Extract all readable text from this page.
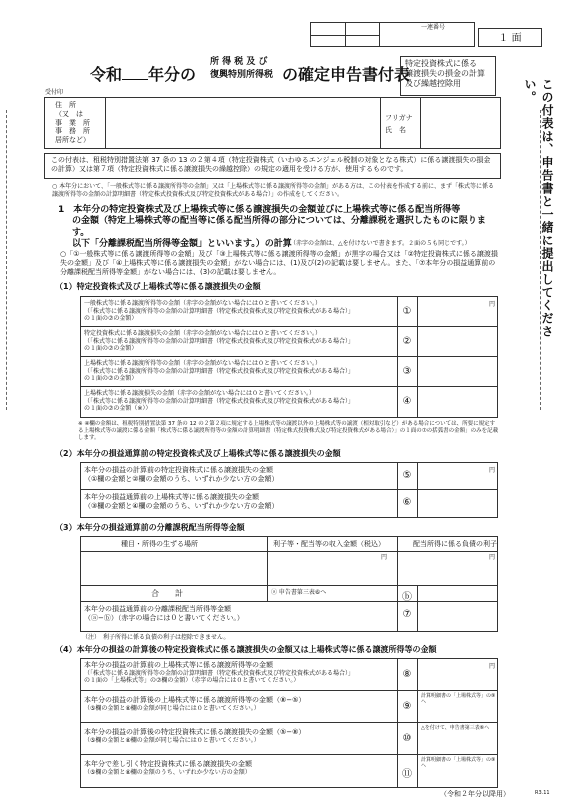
一連番号
１ 面
令和 年分の
所 得 税 及 び
復興特別所得税 の確定申告書付表
特定投資株式に係る
譲渡損失の損金の計算
及び繰越控除用	この付表は、申告書と一緒に提出してください。
受付印
住　所
（又　は
事　業　所
事　務　所
居所など）
フリガナ
氏　名
この付表は、租税特別措置法第 37 条の 13 の２第４項（特定投資株式（いわゆるエンジェル税制の対象となる株式）に係る譲渡損失の損金の計算）又は第７項（特定投資株式に係る譲渡損失の繰越控除）の規定の適用を受ける方が、使用するものです。
○ 本年分において、「一般株式等に係る譲渡所得等の金額」又は「上場株式等に係る譲渡所得等の金額」がある方は、この付表を作成する前に、まず「株式等に係る譲渡所得等の金額の計算明細書（特定株式投資株式及び特定投資株式がある場合）」の作成をしてください。
1　本年分の特定投資株式及び上場株式等に係る譲渡損失の金額並びに上場株式等に係る配当所得等
の金額（特定上場株式等の配当等に係る配当所得の部分については、分離課税を選択したものに限ります。
以下「分離課税配当所得等金額」といいます。）の計算
（赤字の金額は、△を付けないで書きます。２面の５も同じです。）
○「①一般株式等に係る譲渡所得等の金額」及び「③上場株式等に係る譲渡所得等の金額」が黒字の場合又は「②特定投資株式に係る譲渡損失の金額」及び「④上場株式等に係る譲渡損失の金額」がない場合には、(1)及び(2)の記載は要しません。また、「⑦本年分の損益通算前の分離課税配当所得等金額」がない場合には、(3)の記載は要しません。
（1）特定投資株式及び上場株式等に係る譲渡損失の金額
円
一般株式等に係る譲渡所得等の金額（赤字の金額がない場合には０と書いてください。）
（「株式等に係る譲渡所得等の金額の計算明細書（特定株式投資株式及び特定投資株式がある場合）」
の１面の⑦の金額）
①
特定投資株式に係る譲渡損失の金額（赤字の金額がない場合には０と書いてください。）
（「株式等に係る譲渡所得等の金額の計算明細書（特定株式投資株式及び特定投資株式がある場合）」
の１面の⑦の金額）
②
上場株式等に係る譲渡所得等の金額（赤字の金額がない場合には０と書いてください。）
（「株式等に係る譲渡所得等の金額の計算明細書（特定株式投資株式及び特定投資株式がある場合）」
の１面の⑦の金額）
③
上場株式等に係る譲渡損失の金額（赤字の金額がない場合には０と書いてください。）
（「株式等に係る譲渡所得等の金額の計算明細書（特定株式投資株式及び特定投資株式がある場合）」
の１面の⑦の金額（※））
④
※ ④欄の金額は、租税特別措置法第 37 条の 12 の２第２項に規定する上場株式等の譲渡以外の上場株式等の譲渡（相対取引など）がある場合については、所要に規定する上場株式等の譲渡に係る金額「株式等に係る譲渡所得等の金額の計算明細書（特定株式投資株式及び特定投資株式がある場合）」の１面の⑦の括弧書の金額」のみを記載します。
（2）本年分の損益通算前の特定投資株式及び上場株式等に係る譲渡損失の金額
円
本年分の損益の計算前の特定投資株式に係る譲渡損失の金額
（①欄の金額と②欄の金額のうち、いずれか少ない方の金額）	⑤
本年分の損益通算前の上場株式等に係る譲渡損失の金額
（③欄の金額と④欄の金額のうち、いずれか少ない方の金額）	⑥
（3）本年分の損益通算前の分離課税配当所得等金額
種目・所得の生ずる場所	利子等・配当等の収入金額（税込）	配当所得に係る負債の利子
円	円
合　　計	ⓐ 申告書第三表⑥へ	ⓑ
本年分の損益通算前の分離課税配当所得等金額
（ⓐ−ⓑ）（赤字の場合には０と書いてください。）	⑦
（注）　利子所得に係る負債の利子は控除できません。
（4）本年分の損益の計算後の特定投資株式に係る譲渡損失の金額又は上場株式等に係る譲渡所得等の金額
円
本年分の損益の計算前の上場株式等に係る譲渡所得等の金額
（「株式等に係る譲渡所得等の金額の計算明細書（特定株式投資株式及び特定投資株式がある場合）」
の１面の「上場株式等」の⑦欄の金額）（赤字の場合には０と書いてください。）
⑧
本年分の損益の計算後の上場株式等に係る譲渡所得等の金額（⑧−⑤）
（⑤欄の金額と⑧欄の金額が同じ場合には０と書いてください。）	⑨
計算明細書の「上場株式等」の⑨へ
本年分の損益の計算後の特定投資株式に係る譲渡損失の金額（⑤−⑧）
（⑤欄の金額と⑧欄の金額が同じ場合には０と書いてください。）	⑩
△を付けて、申告書第三表⑥へ
本年分で差し引く特定投資株式に係る譲渡損失の金額
（⑤欄の金額と⑧欄の金額のうち、いずれか少ない方の金額）	⑪
計算明細書の「上場株式等」の⑨へ
（令和２年分以降用）	R3.11
